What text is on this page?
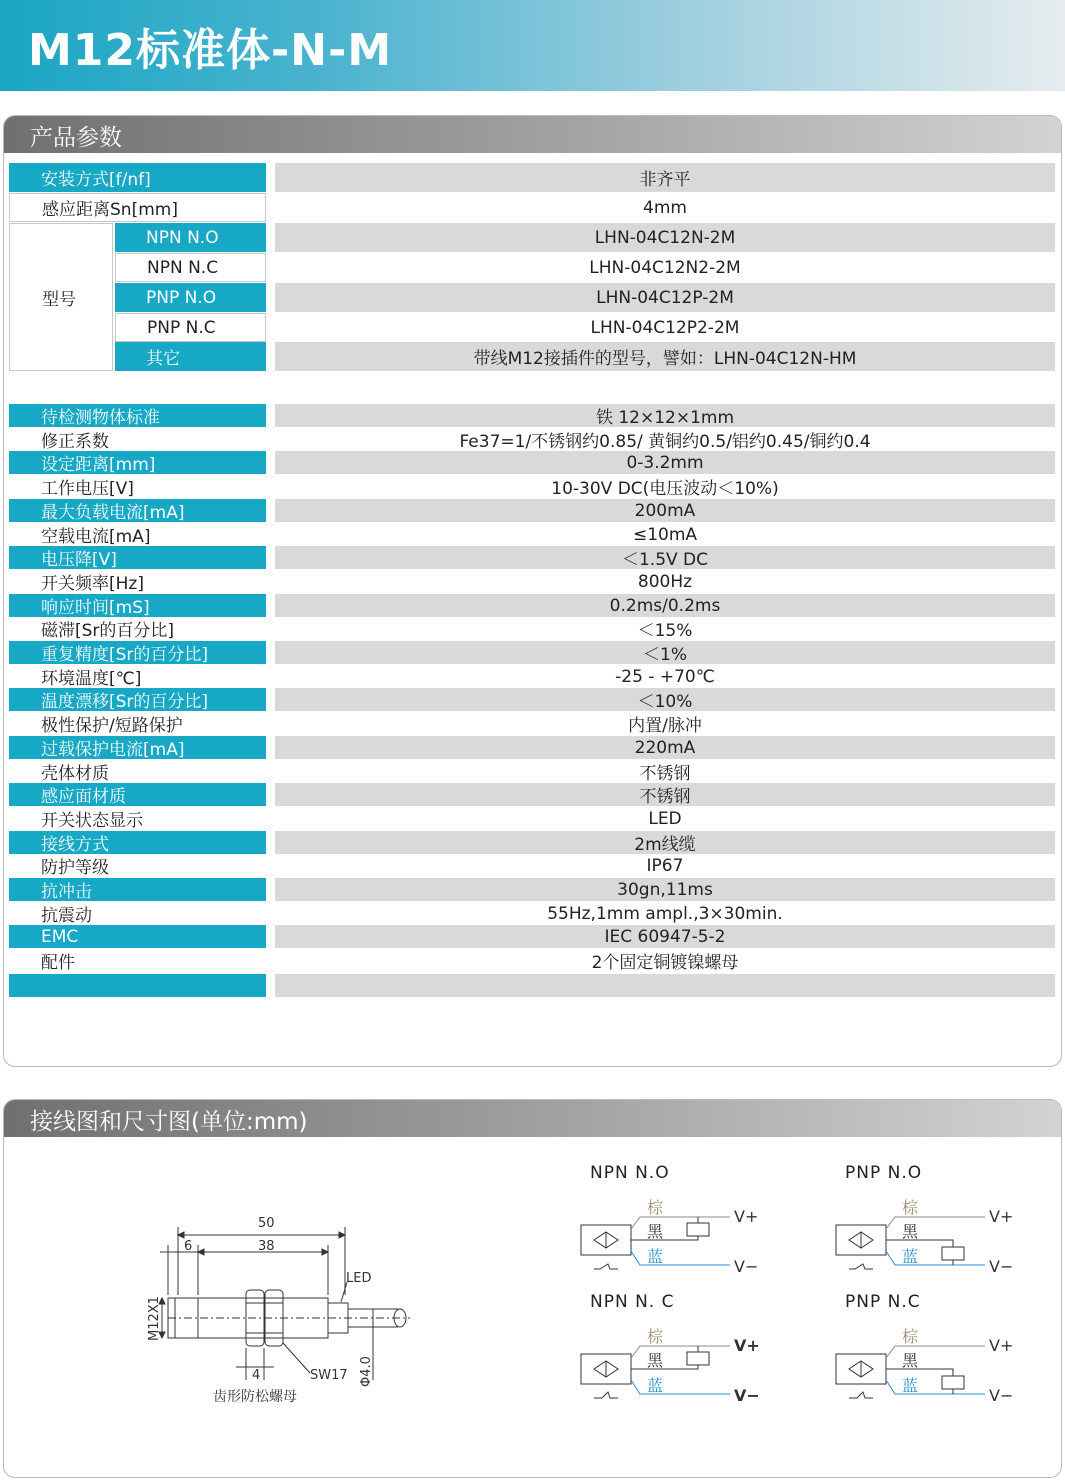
M12标准体-N-M
产品参数
安装方式[f/nf]	非齐平
感应距离Sn[mm]	4mm
型号
NPN N.O	LHN-04C12N-2M
NPN N.C	LHN-04C12N2-2M
PNP N.O	LHN-04C12P-2M
PNP N.C	LHN-04C12P2-2M
其它	带线M12接插件的型号，譬如：LHN-04C12N-HM
待检测物体标准	铁 12×12×1mm
修正系数	Fe37=1/不锈钢约0.85/ 黄铜约0.5/铝约0.45/铜约0.4
设定距离[mm]	0-3.2mm
工作电压[V]	10-30V DC(电压波动＜10%)
最大负载电流[mA]	200mA
空载电流[mA]	≤10mA
电压降[V]	＜1.5V DC
开关频率[Hz]	800Hz
响应时间[mS]	0.2ms/0.2ms
磁滞[Sr的百分比]	＜15%
重复精度[Sr的百分比]	＜1%
环境温度[℃]	-25 - +70℃
温度漂移[Sr的百分比]	＜10%
极性保护/短路保护	内置/脉冲
过载保护电流[mA]	220mA
壳体材质	不锈钢
感应面材质	不锈钢
开关状态显示	LED
接线方式	2m线缆
防护等级	IP67
抗冲击	30gn,11ms
抗震动	55Hz,1mm ampl.,3×30min.
EMC	IEC 60947-5-2
配件	2个固定铜镀镍螺母
接线图和尺寸图(单位:mm)
50
38
6
4
LED
SW17
M12X1
Φ4.0
齿形防松螺母
NPN N.O
棕
黑
蓝
V+
V−
PNP N.O
棕
黑
蓝
V+
V−
NPN N. C
棕
黑
蓝
V+
V−
PNP N.C
棕
黑
蓝
V+
V−
